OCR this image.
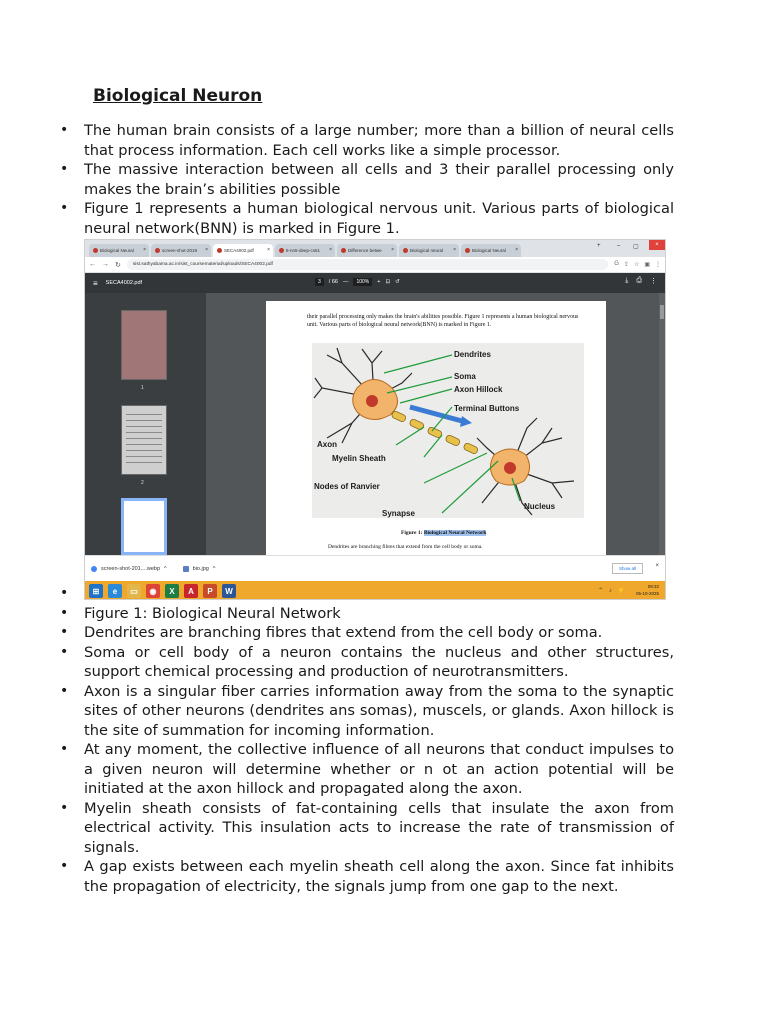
Biological Neuron
• The human brain consists of a large number; more than a billion of neural cells that process information. Each cell works like a simple processor.
• The massive interaction between all cells and 3 their parallel processing only makes the brain’s abilities possible
• Figure 1 represents a human biological nervous unit. Various parts of biological neural network(BNN) is marked in Figure 1.
Biological Neural ×	screen-shot-2019 ×	SECA4002.pdf	×	8-nn5-deep-cs51 ×	Difference betwe ×	Biological neural ×	Biological Neural ×
+	– ▢	×
← → ↻	sist.sathyabama.ac.in/sist_coursematerial/uploads/SECA4002.pdf	G ⇪ ☆ ▣ ⋮
≡ SECA4002.pdf	3	/ 66 —	100%	+ ⊡ ↺	⤓ ⎙ ⋮
1
2
their parallel processing only makes the brain's abilities possible. Figure 1 represents a human biological nervous unit. Various parts of biological neural network(BNN) is marked in Figure 1.
Dendrites
Soma
Axon Hillock
Terminal Buttons
Axon
Myelin Sheath
Nodes of Ranvier
Nucleus
Synapse
Figure 1: Biological Neural Network
Dendrites are branching fibres that extend from the cell body or soma.
screen-shot-201....webp ^	bio.jpg ^	Show all	×
⊞	e	▭	◉	X	A	P	W	⌃ ♪ ⚡
09:32
05-10-2025
•
• Figure 1: Biological Neural Network
• Dendrites are branching fibres that extend from the cell body or soma.
• Soma or cell body of a neuron contains the nucleus and other structures, support chemical processing and production of neurotransmitters.
• Axon is a singular fiber carries information away from the soma to the synaptic sites of other neurons (dendrites ans somas), muscels, or glands. Axon hillock is the site of summation for incoming information.
• At any moment, the collective influence of all neurons that conduct impulses to a given neuron will determine whether or n ot an action potential will be initiated at the axon hillock and propagated along the axon.
• Myelin sheath consists of fat-containing cells that insulate the axon from electrical activity. This insulation acts to increase the rate of transmission of signals.
• A gap exists between each myelin sheath cell along the axon. Since fat inhibits the propagation of electricity, the signals jump from one gap to the next.
